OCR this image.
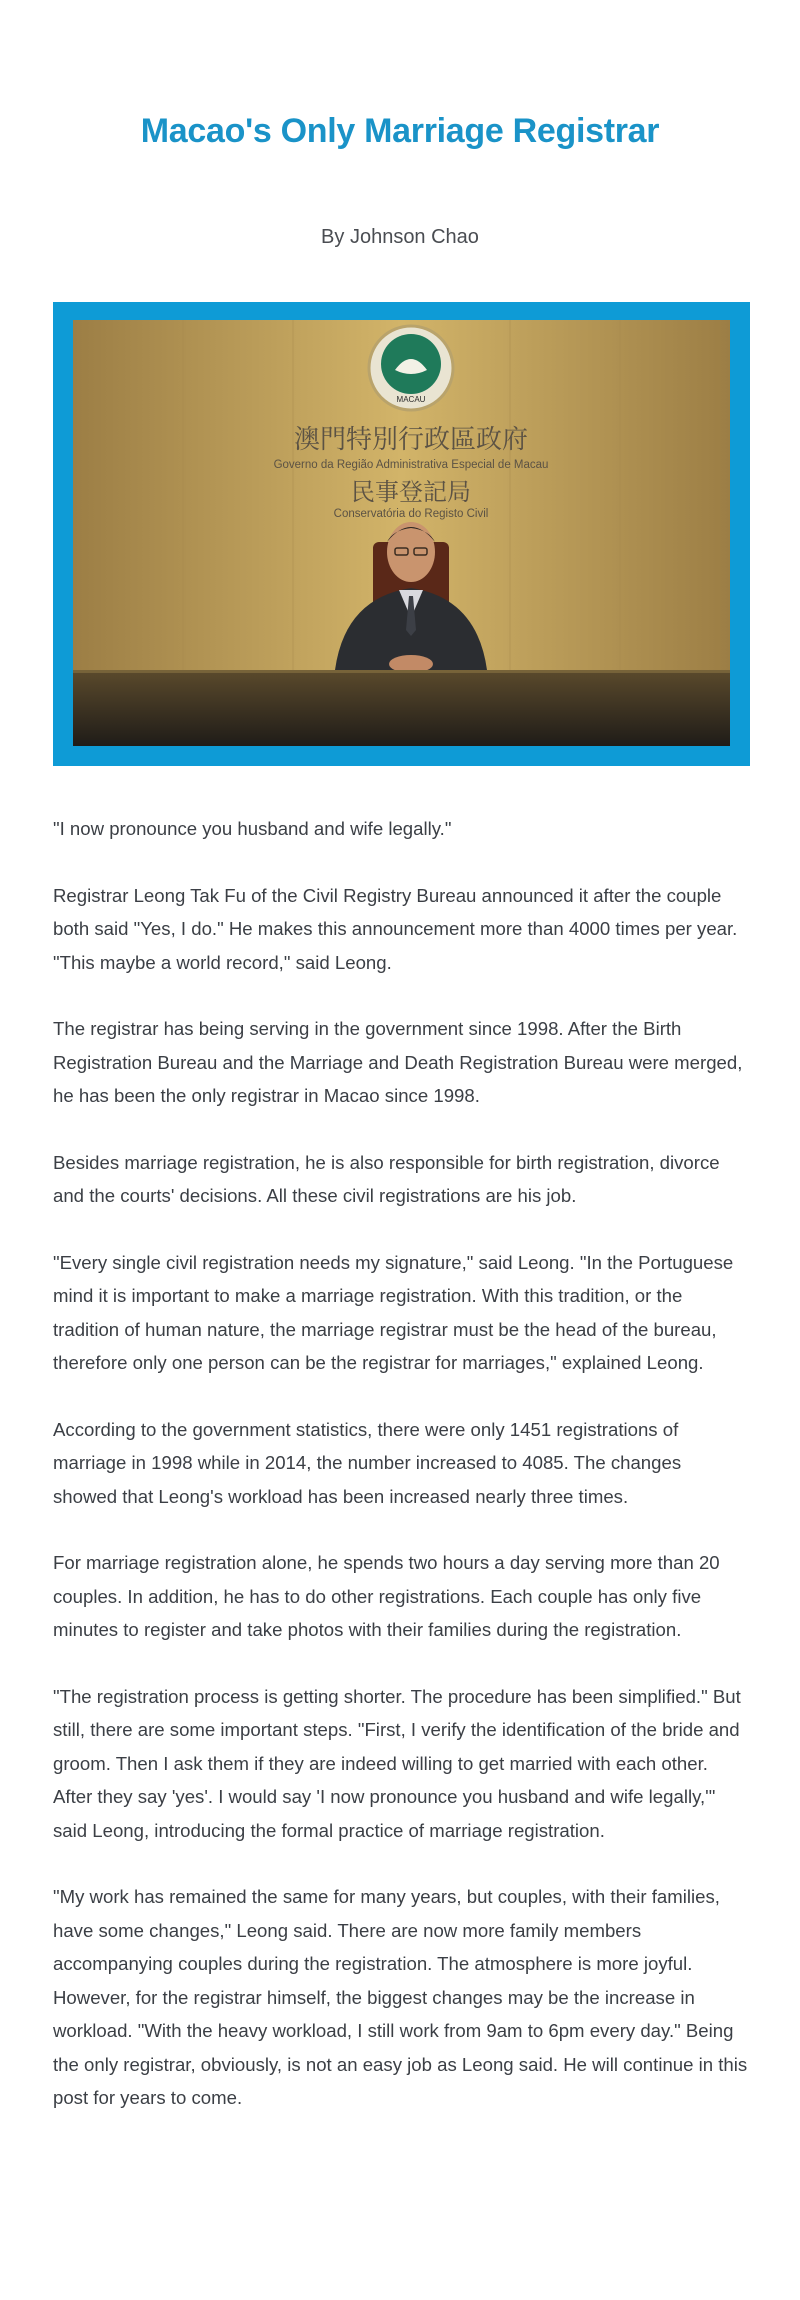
Macao's Only Marriage Registrar

By Johnson Chao

MACAU
澳門特別行政區政府
Governo da Região Administrativa Especial de Macau
民事登記局
Conservatória do Registo Civil

"I now pronounce you husband and wife legally."

Registrar Leong Tak Fu of the Civil Registry Bureau announced it after the couple both said "Yes, I do." He makes this announcement more than 4000 times per year. "This maybe a world record," said Leong.

The registrar has being serving in the government since 1998. After the Birth Registration Bureau and the Marriage and Death Registration Bureau were merged, he has been the only registrar in Macao since 1998.

Besides marriage registration, he is also responsible for birth registration, divorce and the courts' decisions. All these civil registrations are his job.

"Every single civil registration needs my signature," said Leong. "In the Portuguese mind it is important to make a marriage registration. With this tradition, or the tradition of human nature, the marriage registrar must be the head of the bureau, therefore only one person can be the registrar for marriages," explained Leong.

According to the government statistics, there were only 1451 registrations of marriage in 1998 while in 2014, the number increased to 4085. The changes showed that Leong's workload has been increased nearly three times.

For marriage registration alone, he spends two hours a day serving more than 20 couples. In addition, he has to do other registrations. Each couple has only five minutes to register and take photos with their families during the registration.

"The registration process is getting shorter. The procedure has been simplified." But still, there are some important steps. "First, I verify the identification of the bride and groom. Then I ask them if they are indeed willing to get married with each other. After they say 'yes'. I would say 'I now pronounce you husband and wife legally,'" said Leong, introducing the formal practice of marriage registration.

"My work has remained the same for many years, but couples, with their families, have some changes," Leong said. There are now more family members accompanying couples during the registration. The atmosphere is more joyful. However, for the registrar himself, the biggest changes may be the increase in workload. "With the heavy workload, I still work from 9am to 6pm every day." Being the only registrar, obviously, is not an easy job as Leong said. He will continue in this post for years to come.
